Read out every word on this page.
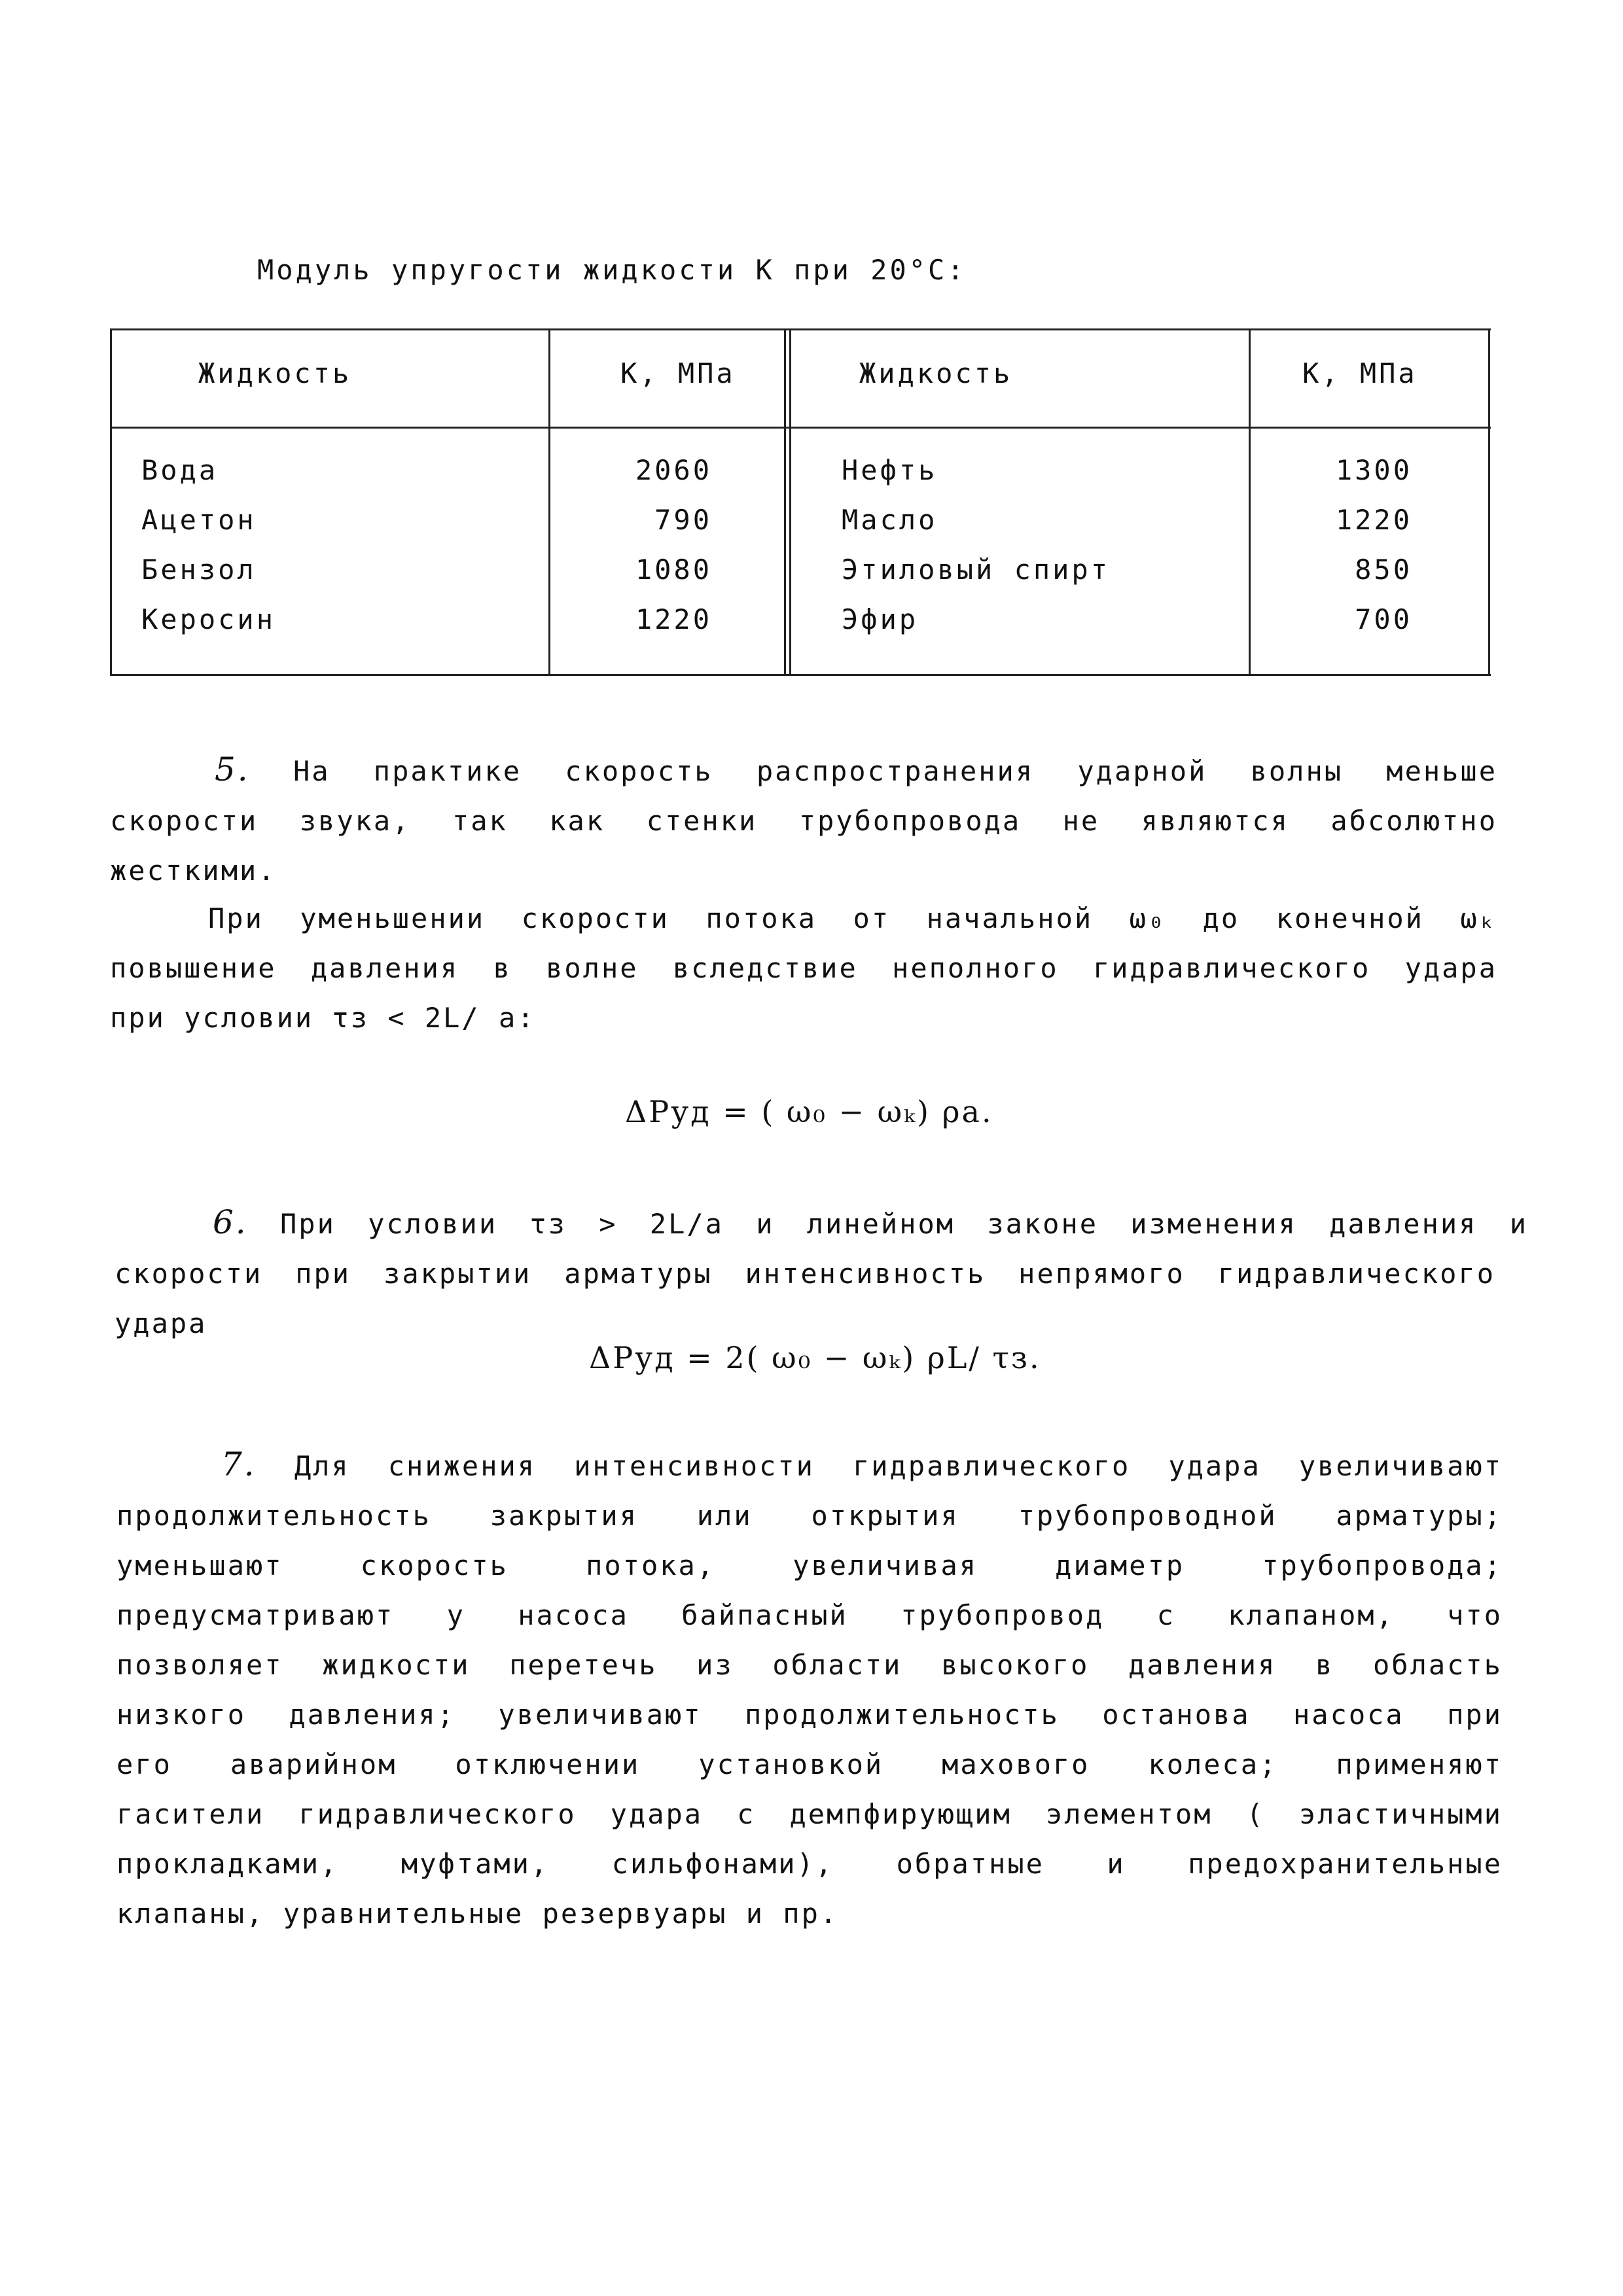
Модуль упругости жидкости К при 20°С:
Жидкость	К, МПа	Жидкость	К, МПа
Вода	2060	Нефть	1300
Ацетон	790	Масло	1220
Бензол	1080	Этиловый спирт	850
Керосин	1220	Эфир	700
5. На практике скорость распространения ударной волны меньше
скорости звука, так как стенки трубопровода не являются абсолютно
жесткими.
При уменьшении скорости потока от начальной ω₀ до конечной ωₖ
повышение давления в волне вследствие неполного гидравлического удара
при условии τз < 2L/ a:
ΔPуд = ( ω₀ − ωₖ) ρa.
6. При условии τз > 2L/a и линейном законе изменения давления и
скорости при закрытии арматуры интенсивность непрямого гидравлического
удара
ΔPуд = 2( ω₀ − ωₖ) ρL/ τз.
7. Для снижения интенсивности гидравлического удара увеличивают
продолжительность закрытия или открытия трубопроводной арматуры;
уменьшают скорость потока, увеличивая диаметр трубопровода;
предусматривают у насоса байпасный трубопровод с клапаном, что
позволяет жидкости перетечь из области высокого давления в область
низкого давления; увеличивают продолжительность останова насоса при
его аварийном отключении установкой махового колеса; применяют
гасители гидравлического удара с демпфирующим элементом ( эластичными
прокладками, муфтами, сильфонами), обратные и предохранительные
клапаны, уравнительные резервуары и пр.
